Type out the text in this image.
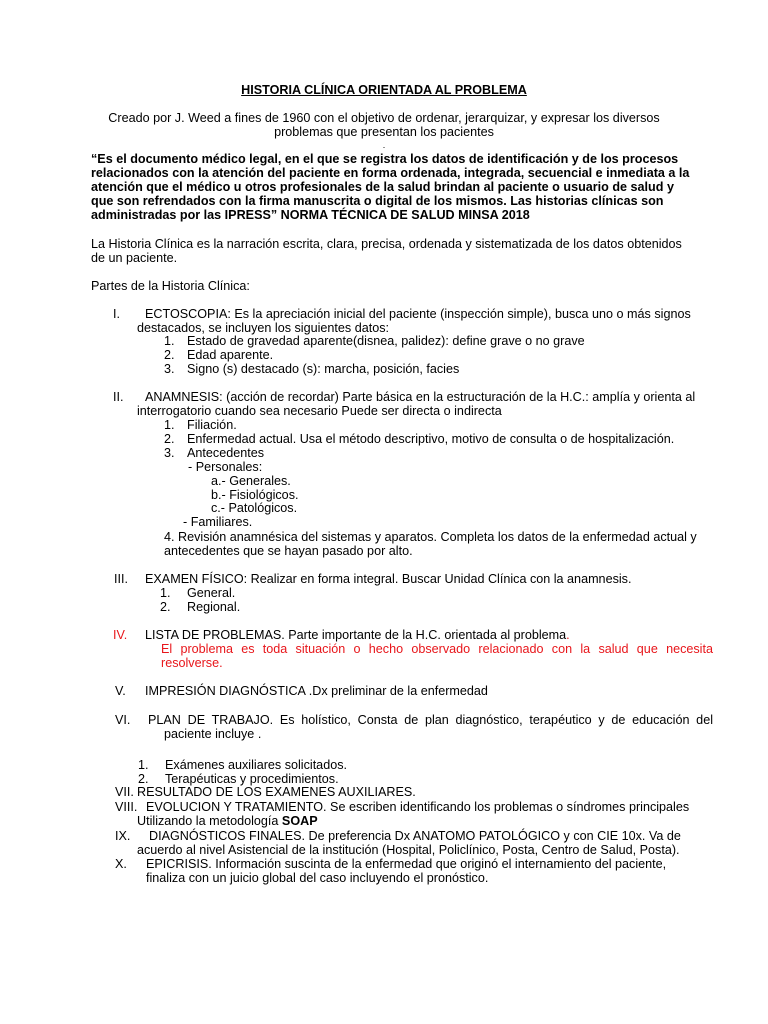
HISTORIA CLÍNICA ORIENTADA AL PROBLEMA
Creado por J. Weed a fines de 1960 con el objetivo de ordenar, jerarquizar, y expresar los diversos
problemas que presentan los pacientes
.
“Es el documento médico legal, en el que se registra los datos de identificación y de los procesos
relacionados con la atención del paciente en forma ordenada, integrada, secuencial e inmediata a la
atención que el médico u otros profesionales de la salud brindan al paciente o usuario de salud y
que son refrendados con la firma manuscrita o digital de los mismos. Las historias clínicas son
administradas por las IPRESS” NORMA TÉCNICA DE SALUD MINSA 2018
La Historia Clínica es la narración escrita, clara, precisa, ordenada y sistematizada de los datos obtenidos
de un paciente.
Partes de la Historia Clínica:
I. ECTOSCOPIA: Es la apreciación inicial del paciente (inspección simple), busca uno o más signos
destacados, se incluyen los siguientes datos:
1. Estado de gravedad aparente(disnea, palidez): define grave o no grave
2. Edad aparente.
3. Signo (s) destacado (s): marcha, posición, facies
II. ANAMNESIS: (acción de recordar) Parte básica en la estructuración de la H.C.: amplía y orienta al
interrogatorio cuando sea necesario Puede ser directa o indirecta
1. Filiación.
2. Enfermedad actual. Usa el método descriptivo, motivo de consulta o de hospitalización.
3. Antecedentes
- Personales:
a.- Generales.
b.- Fisiológicos.
c.- Patológicos.
- Familiares.
4. Revisión anamnésica del sistemas y aparatos. Completa los datos de la enfermedad actual y
antecedentes que se hayan pasado por alto.
III. EXAMEN FÍSICO: Realizar en forma integral. Buscar Unidad Clínica con la anamnesis.
1. General.
2. Regional.
IV. LISTA DE PROBLEMAS. Parte importante de la H.C. orientada al problema.
El problema es toda situación o hecho observado relacionado con la salud que necesita
resolverse.
V. IMPRESIÓN DIAGNÓSTICA .Dx preliminar de la enfermedad
VI. PLAN DE TRABAJO. Es holístico, Consta de plan diagnóstico, terapéutico y de educación del
paciente incluye .
1. Exámenes auxiliares solicitados.
2. Terapéuticas y procedimientos.
VII. RESULTADO DE LOS EXAMENES AUXILIARES.
VIII. EVOLUCION Y TRATAMIENTO. Se escriben identificando los problemas o síndromes principales
Utilizando la metodología SOAP
IX. DIAGNÓSTICOS FINALES. De preferencia Dx ANATOMO PATOLÓGICO y con CIE 10x. Va de
acuerdo al nivel Asistencial de la institución (Hospital, Policlínico, Posta, Centro de Salud, Posta).
X. EPICRISIS. Información suscinta de la enfermedad que originó el internamiento del paciente,
finaliza con un juicio global del caso incluyendo el pronóstico.
